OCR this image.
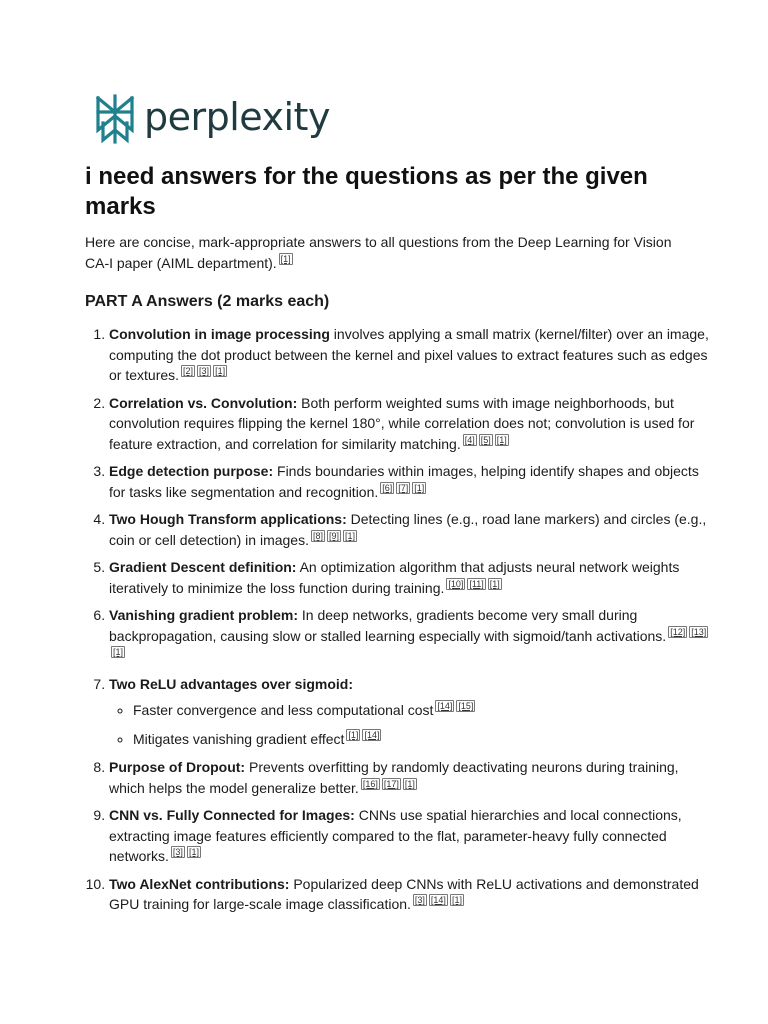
perplexity
i need answers for the questions as per the given marks

Here are concise, mark-appropriate answers to all questions from the Deep Learning for Vision CA-I paper (AIML department). [1]

PART A Answers (2 marks each)
1. Convolution in image processing involves applying a small matrix (kernel/filter) over an image, computing the dot product between the kernel and pixel values to extract features such as edges or textures. [2] [3] [1]
2. Correlation vs. Convolution: Both perform weighted sums with image neighborhoods, but convolution requires flipping the kernel 180°, while correlation does not; convolution is used for feature extraction, and correlation for similarity matching. [4] [5] [1]
3. Edge detection purpose: Finds boundaries within images, helping identify shapes and objects for tasks like segmentation and recognition. [6] [7] [1]
4. Two Hough Transform applications: Detecting lines (e.g., road lane markers) and circles (e.g., coin or cell detection) in images. [8] [9] [1]
5. Gradient Descent definition: An optimization algorithm that adjusts neural network weights iteratively to minimize the loss function during training. [10] [11] [1]
6. Vanishing gradient problem: In deep networks, gradients become very small during backpropagation, causing slow or stalled learning especially with sigmoid/tanh activations. [12] [13][1]
7. Two ReLU advantages over sigmoid:
◦ Faster convergence and less computational cost [14] [15]
◦ Mitigates vanishing gradient effect [1] [14]
8. Purpose of Dropout: Prevents overfitting by randomly deactivating neurons during training, which helps the model generalize better. [16] [17] [1]
9. CNN vs. Fully Connected for Images: CNNs use spatial hierarchies and local connections, extracting image features efficiently compared to the flat, parameter-heavy fully connected networks. [3] [1]
10. Two AlexNet contributions: Popularized deep CNNs with ReLU activations and demonstrated GPU training for large-scale image classification. [3] [14] [1]
